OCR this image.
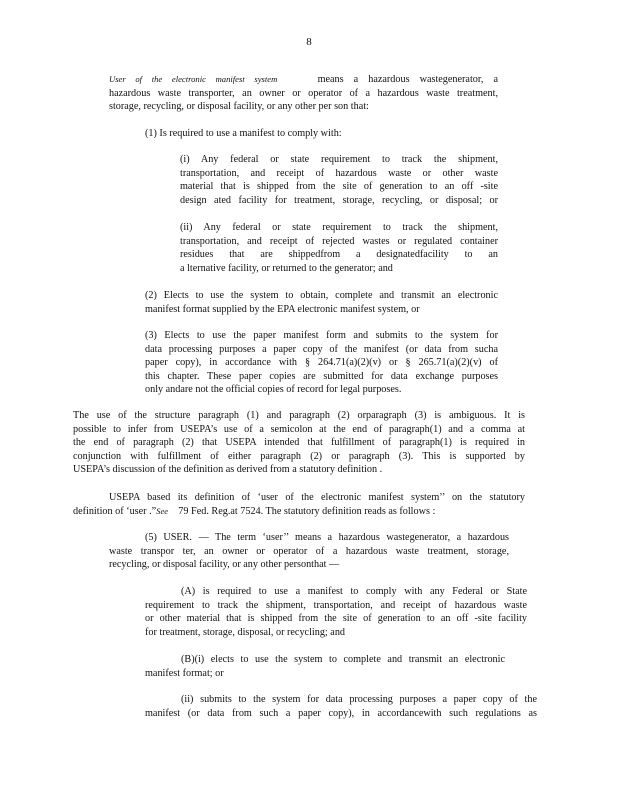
8
User of the electronic manifest system	means a hazardous wastegenerator, a
hazardous waste transporter, an owner or operator of a hazardous waste treatment,
storage, recycling, or disposal facility, or any other per son that:
(1) Is required to use a manifest to comply with:
(i) Any federal or state requirement to track the shipment,
transportation, and receipt of hazardous waste or other waste
material that is shipped from the site of generation to an off -site
design ated facility for treatment, storage, recycling, or disposal; or
(ii) Any federal or state requirement to track the shipment,
transportation, and receipt of rejected wastes or regulated container
residues that are shippedfrom a designatedfacility to an
a lternative facility, or returned to the generator; and
(2) Elects to use the system to obtain, complete and transmit an electronic
manifest format supplied by the EPA electronic manifest system, or
(3) Elects to use the paper manifest form and submits to the system for
data processing purposes a paper copy of the manifest (or data from sucha
paper copy), in accordance with § 264.71(a)(2)(v) or § 265.71(a)(2)(v) of
this chapter. These paper copies are submitted for data exchange purposes
only andare not the official copies of record for legal purposes.
The use of the structure paragraph (1) and paragraph (2) orparagraph (3) is ambiguous. It is
possible to infer from USEPA’s use of a semicolon at the end of paragraph(1) and a comma at
the end of paragraph (2) that USEPA intended that fulfillment of paragraph(1) is required in
conjunction with fulfillment of either paragraph (2) or paragraph (3). This is supported by
USEPA’s discussion of the definition as derived from a statutory definition .
USEPA based its definition of ‘user of the electronic manifest system’’ on the statutory
definition of ‘user .”See 79 Fed. Reg.at 7524. The statutory definition reads as follows :
(5) USER. — The term ‘user’’ means a hazardous wastegenerator, a hazardous
waste transpor ter, an owner or operator of a hazardous waste treatment, storage,
recycling, or disposal facility, or any other personthat —
(A) is required to use a manifest to comply with any Federal or State
requirement to track the shipment, transportation, and receipt of hazardous waste
or other material that is shipped from the site of generation to an off -site facility
for treatment, storage, disposal, or recycling; and
(B)(i) elects to use the system to complete and transmit an electronic
manifest format; or
(ii) submits to the system for data processing purposes a paper copy of the
manifest (or data from such a paper copy), in accordancewith such regulations as
